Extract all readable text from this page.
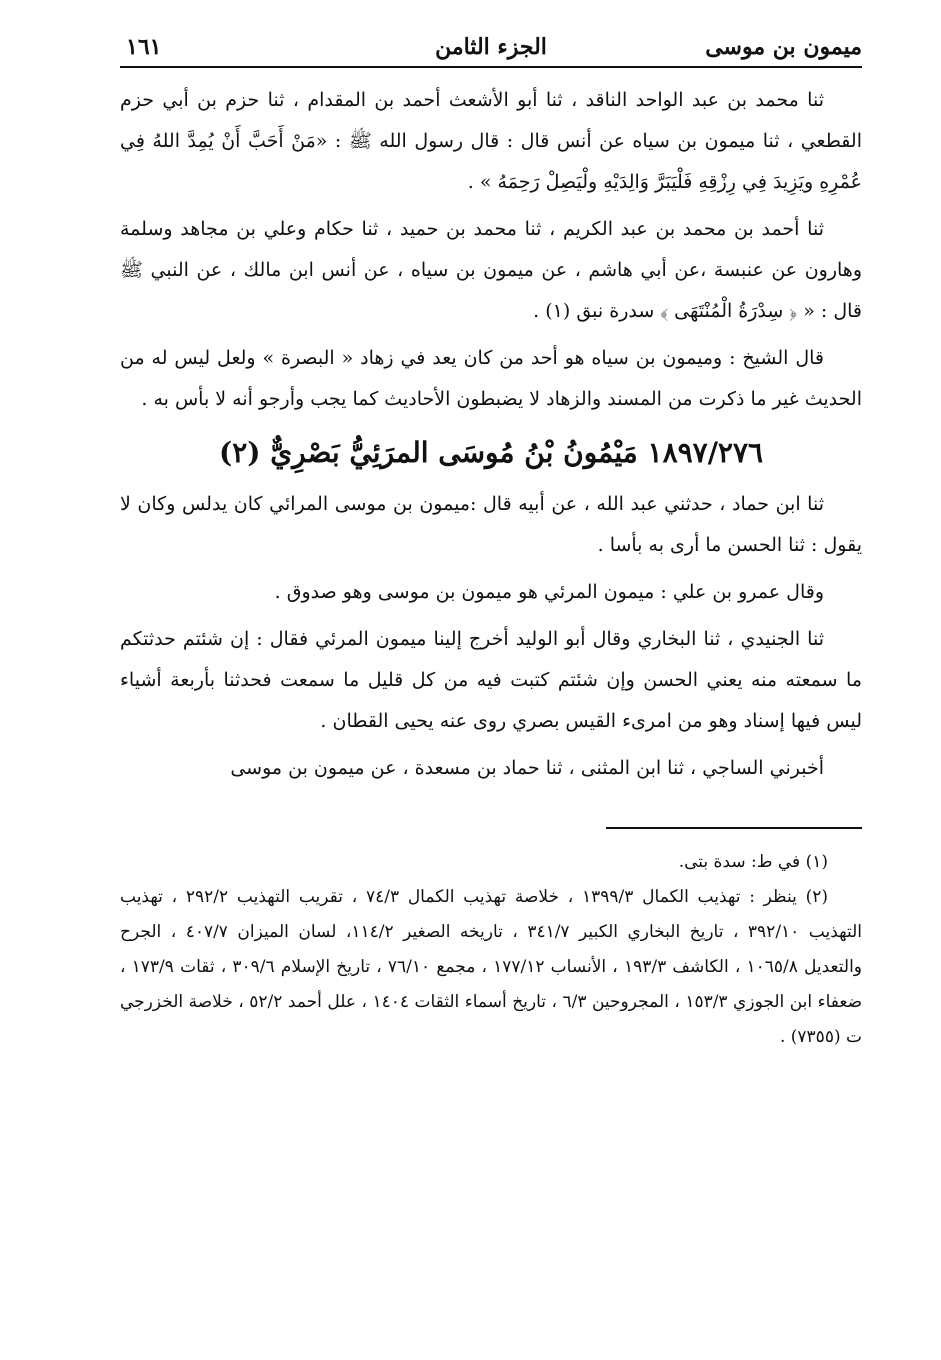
ميمون بن موسى
الجزء الثامن
١٦١

ثنا محمد بن عبد الواحد الناقد ، ثنا أبو الأشعث أحمد بن المقدام ، ثنا حزم بن أبي حزم القطعي ، ثنا ميمون بن سياه عن أنس قال : قال رسول الله ﷺ : «مَنْ أَحَبَّ أَنْ يُمِدَّ اللهُ فِي عُمْرِهِ ويَزِيدَ فِي رِزْقِهِ فَلْيَبَرَّ وَالِدَيْهِ ولْيَصِلْ رَحِمَهُ » .

ثنا أحمد بن محمد بن عبد الكريم ، ثنا محمد بن حميد ، ثنا حكام وعلي بن مجاهد وسلمة وهارون عن عنبسة ،عن أبي هاشم ، عن ميمون بن سياه ، عن أنس ابن مالك ، عن النبي ﷺ قال : « ﴿ سِدْرَةُ الْمُنْتَهَى ﴾ سدرة نبق (١) .

قال الشيخ : وميمون بن سياه هو أحد من كان يعد في زهاد « البصرة » ولعل ليس له من الحديث غير ما ذكرت من المسند والزهاد لا يضبطون الأحاديث كما يجب وأرجو أنه لا بأس به .

١٨٩٧/٢٧٦ مَيْمُونُ بْنُ مُوسَى المرَئِيُّ بَصْرِيٌّ (٢)

ثنا ابن حماد ، حدثني عبد الله ، عن أبيه قال :ميمون بن موسى المرائي كان يدلس وكان لا يقول : ثنا الحسن ما أرى به بأسا .

وقال عمرو بن علي : ميمون المرئي هو ميمون بن موسى وهو صدوق .

ثنا الجنيدي ، ثنا البخاري وقال أبو الوليد أخرج إلينا ميمون المرئي فقال : إن شئتم حدثتكم ما سمعته منه يعني الحسن وإن شئتم كتبت فيه من كل قليل ما سمعت فحدثنا بأربعة أشياء ليس فيها إسناد وهو من امرىء القيس بصري روى عنه يحيى القطان .

أخبرني الساجي ، ثنا ابن المثنى ، ثنا حماد بن مسعدة ، عن ميمون بن موسى

(١) في ط: سدة بتى.

(٢) ينظر : تهذيب الكمال ١٣٩٩/٣ ، خلاصة تهذيب الكمال ٧٤/٣ ، تقريب التهذيب ٢٩٢/٢ ، تهذيب التهذيب ٣٩٢/١٠ ، تاريخ البخاري الكبير ٣٤١/٧ ، تاريخه الصغير ١١٤/٢، لسان الميزان ٤٠٧/٧ ، الجرح والتعديل ١٠٦٥/٨ ، الكاشف ١٩٣/٣ ، الأنساب ١٧٧/١٢ ، مجمع ٧٦/١٠ ، تاريخ الإسلام ٣٠٩/٦ ، ثقات ١٧٣/٩ ، ضعفاء ابن الجوزي ١٥٣/٣ ، المجروحين ٦/٣ ، تاريخ أسماء الثقات ١٤٠٤ ، علل أحمد ٥٢/٢ ، خلاصة الخزرجي ت (٧٣٥٥) .
